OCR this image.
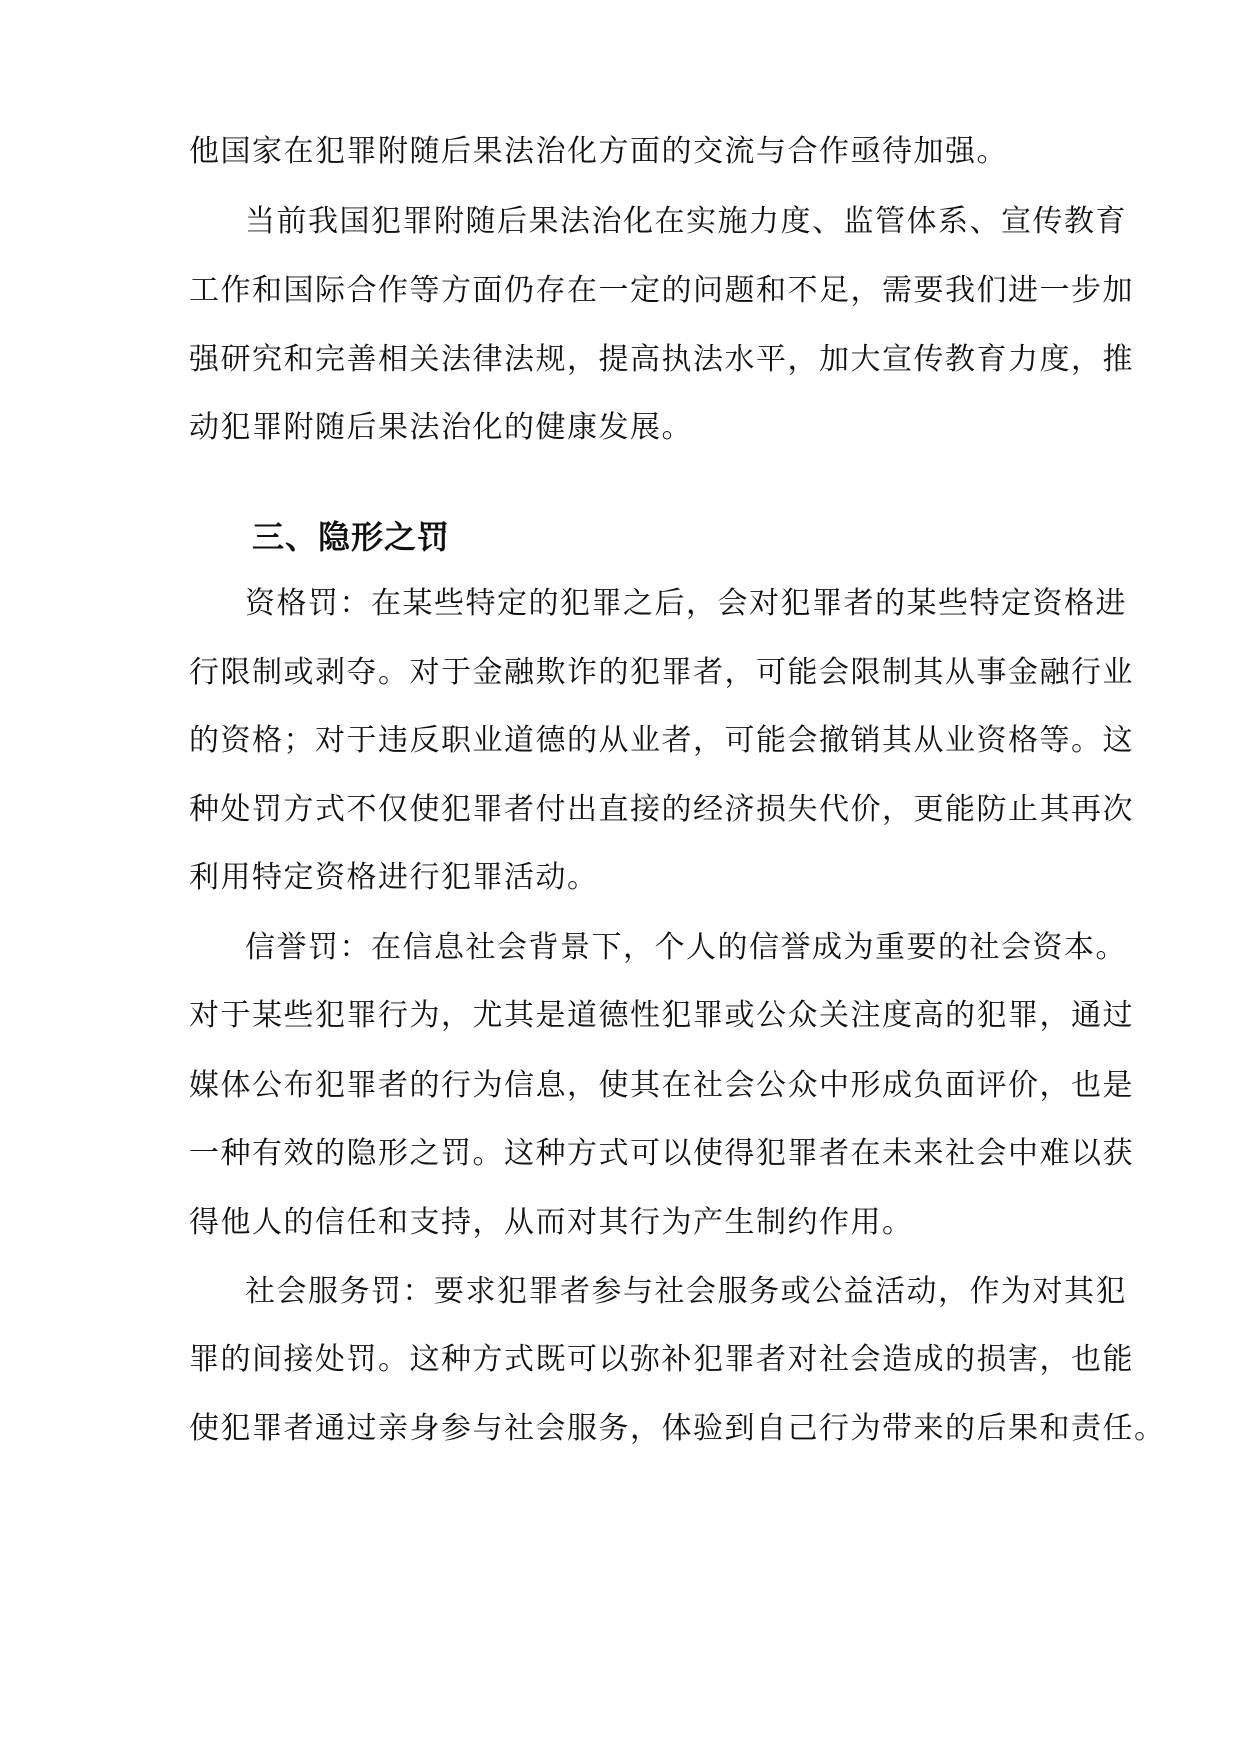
他国家在犯罪附随后果法治化方面的交流与合作亟待加强。
当前我国犯罪附随后果法治化在实施力度、监管体系、宣传教育
工作和国际合作等方面仍存在一定的问题和不足，需要我们进一步加
强研究和完善相关法律法规，提高执法水平，加大宣传教育力度，推
动犯罪附随后果法治化的健康发展。
三、隐形之罚
资格罚：在某些特定的犯罪之后，会对犯罪者的某些特定资格进
行限制或剥夺。对于金融欺诈的犯罪者，可能会限制其从事金融行业
的资格；对于违反职业道德的从业者，可能会撤销其从业资格等。这
种处罚方式不仅使犯罪者付出直接的经济损失代价，更能防止其再次
利用特定资格进行犯罪活动。
信誉罚：在信息社会背景下，个人的信誉成为重要的社会资本。
对于某些犯罪行为，尤其是道德性犯罪或公众关注度高的犯罪，通过
媒体公布犯罪者的行为信息，使其在社会公众中形成负面评价，也是
一种有效的隐形之罚。这种方式可以使得犯罪者在未来社会中难以获
得他人的信任和支持，从而对其行为产生制约作用。
社会服务罚：要求犯罪者参与社会服务或公益活动，作为对其犯
罪的间接处罚。这种方式既可以弥补犯罪者对社会造成的损害，也能
使犯罪者通过亲身参与社会服务，体验到自己行为带来的后果和责任。
